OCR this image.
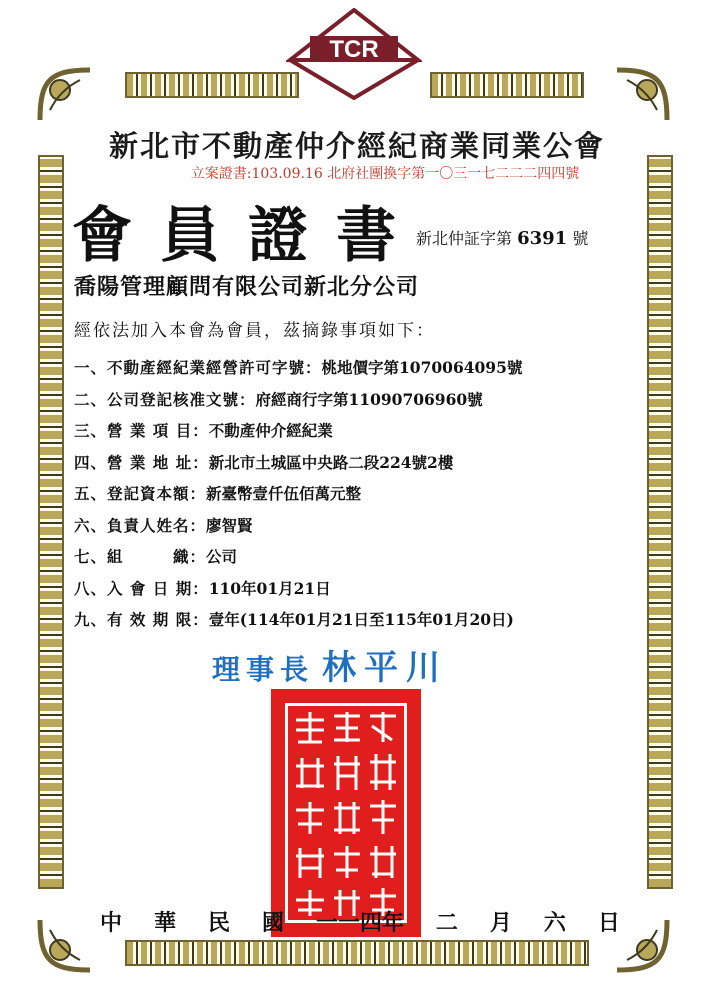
TCR
新北市不動產仲介經紀商業同業公會
立案證書:103.09.16 北府社團換字第一〇三一七二二二四四號
會員證書
新北仲証字第 6391 號
喬陽管理顧問有限公司新北分公司
經依法加入本會為會員，茲摘錄事項如下：
一、不動產經紀業經營許可字號：桃地價字第1070064095號
二、公司登記核准文號：府經商行字第11090706960號
三、營 業 項 目：不動產仲介經紀業
四、營 業 地 址：新北市土城區中央路二段224號2樓
五、登記資本額：新臺幣壹仟伍佰萬元整
六、負責人姓名：廖智賢
七、組　　　織：公司
八、入 會 日 期：110年01月21日
九、有 效 期 限：壹年(114年01月21日至115年01月20日)
理事長 林平川
中 華 民 國 一一四年 二 月 六 日
